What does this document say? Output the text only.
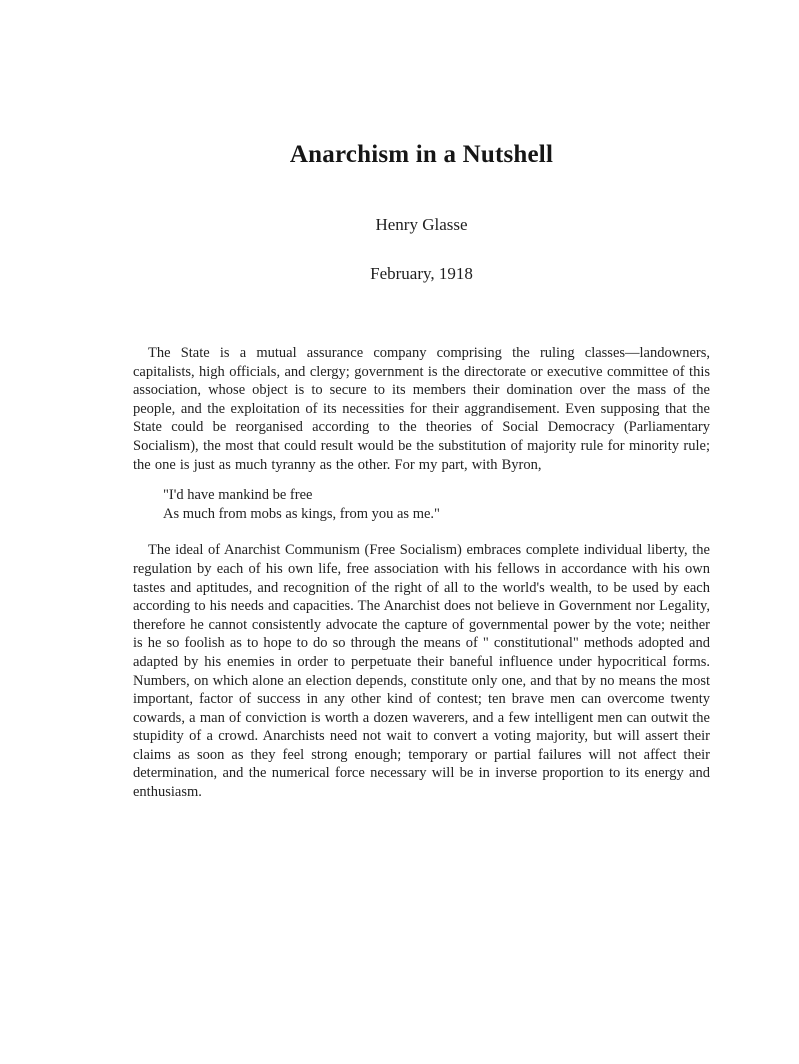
Anarchism in a Nutshell
Henry Glasse
February, 1918

The State is a mutual assurance company comprising the ruling classes—landowners, capitalists, high officials, and clergy; government is the directorate or executive committee of this association, whose object is to secure to its members their domination over the mass of the people, and the exploitation of its necessities for their aggrandisement. Even supposing that the State could be reorganised according to the theories of Social Democracy (Parliamentary Socialism), the most that could result would be the substitution of majority rule for minority rule; the one is just as much tyranny as the other. For my part, with Byron,

"I'd have mankind be free
As much from mobs as kings, from you as me."

The ideal of Anarchist Communism (Free Socialism) embraces complete individual liberty, the regulation by each of his own life, free association with his fellows in accordance with his own tastes and aptitudes, and recognition of the right of all to the world's wealth, to be used by each according to his needs and capacities. The Anarchist does not believe in Government nor Legality, therefore he cannot consistently advocate the capture of governmental power by the vote; neither is he so foolish as to hope to do so through the means of " constitutional" methods adopted and adapted by his enemies in order to perpetuate their baneful influence under hypocritical forms. Numbers, on which alone an election depends, constitute only one, and that by no means the most important, factor of success in any other kind of contest; ten brave men can overcome twenty cowards, a man of conviction is worth a dozen waverers, and a few intelligent men can outwit the stupidity of a crowd. Anarchists need not wait to convert a voting majority, but will assert their claims as soon as they feel strong enough; temporary or partial failures will not affect their determination, and the numerical force necessary will be in inverse proportion to its energy and enthusiasm.
